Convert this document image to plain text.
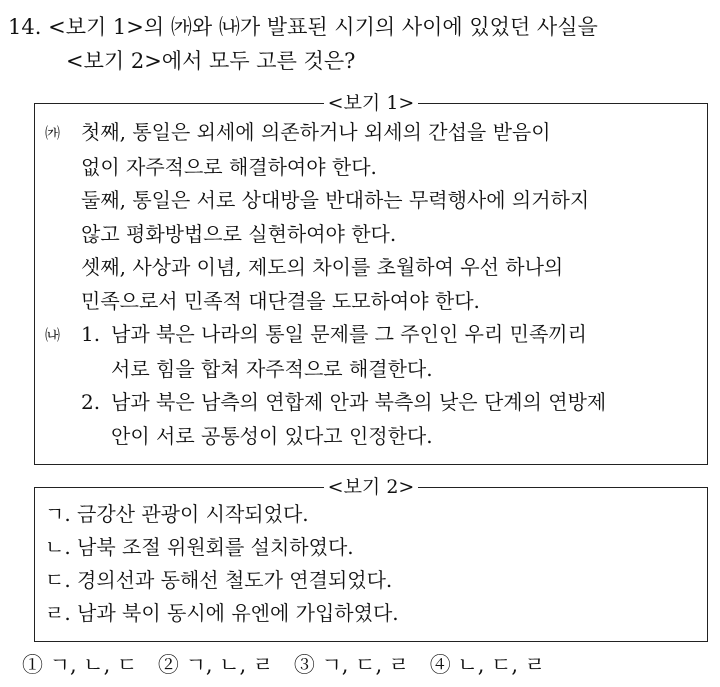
14. <보기 1>의 ㈎와 ㈏가 발표된 시기의 사이에 있었던 사실을
<보기 2>에서 모두 고른 것은?
<보기 1>
㈎ 첫째, 통일은 외세에 의존하거나 외세의 간섭을 받음이
없이 자주적으로 해결하여야 한다.
둘째, 통일은 서로 상대방을 반대하는 무력행사에 의거하지
않고 평화방법으로 실현하여야 한다.
셋째, 사상과 이념, 제도의 차이를 초월하여 우선 하나의
민족으로서 민족적 대단결을 도모하여야 한다.
㈏ 1. 남과 북은 나라의 통일 문제를 그 주인인 우리 민족끼리
서로 힘을 합쳐 자주적으로 해결한다.
2. 남과 북은 남측의 연합제 안과 북측의 낮은 단계의 연방제
안이 서로 공통성이 있다고 인정한다.
<보기 2>
ㄱ. 금강산 관광이 시작되었다.
ㄴ. 남북 조절 위원회를 설치하였다.
ㄷ. 경의선과 동해선 철도가 연결되었다.
ㄹ. 남과 북이 동시에 유엔에 가입하였다.
① ㄱ, ㄴ, ㄷ ② ㄱ, ㄴ, ㄹ ③ ㄱ, ㄷ, ㄹ ④ ㄴ, ㄷ, ㄹ
